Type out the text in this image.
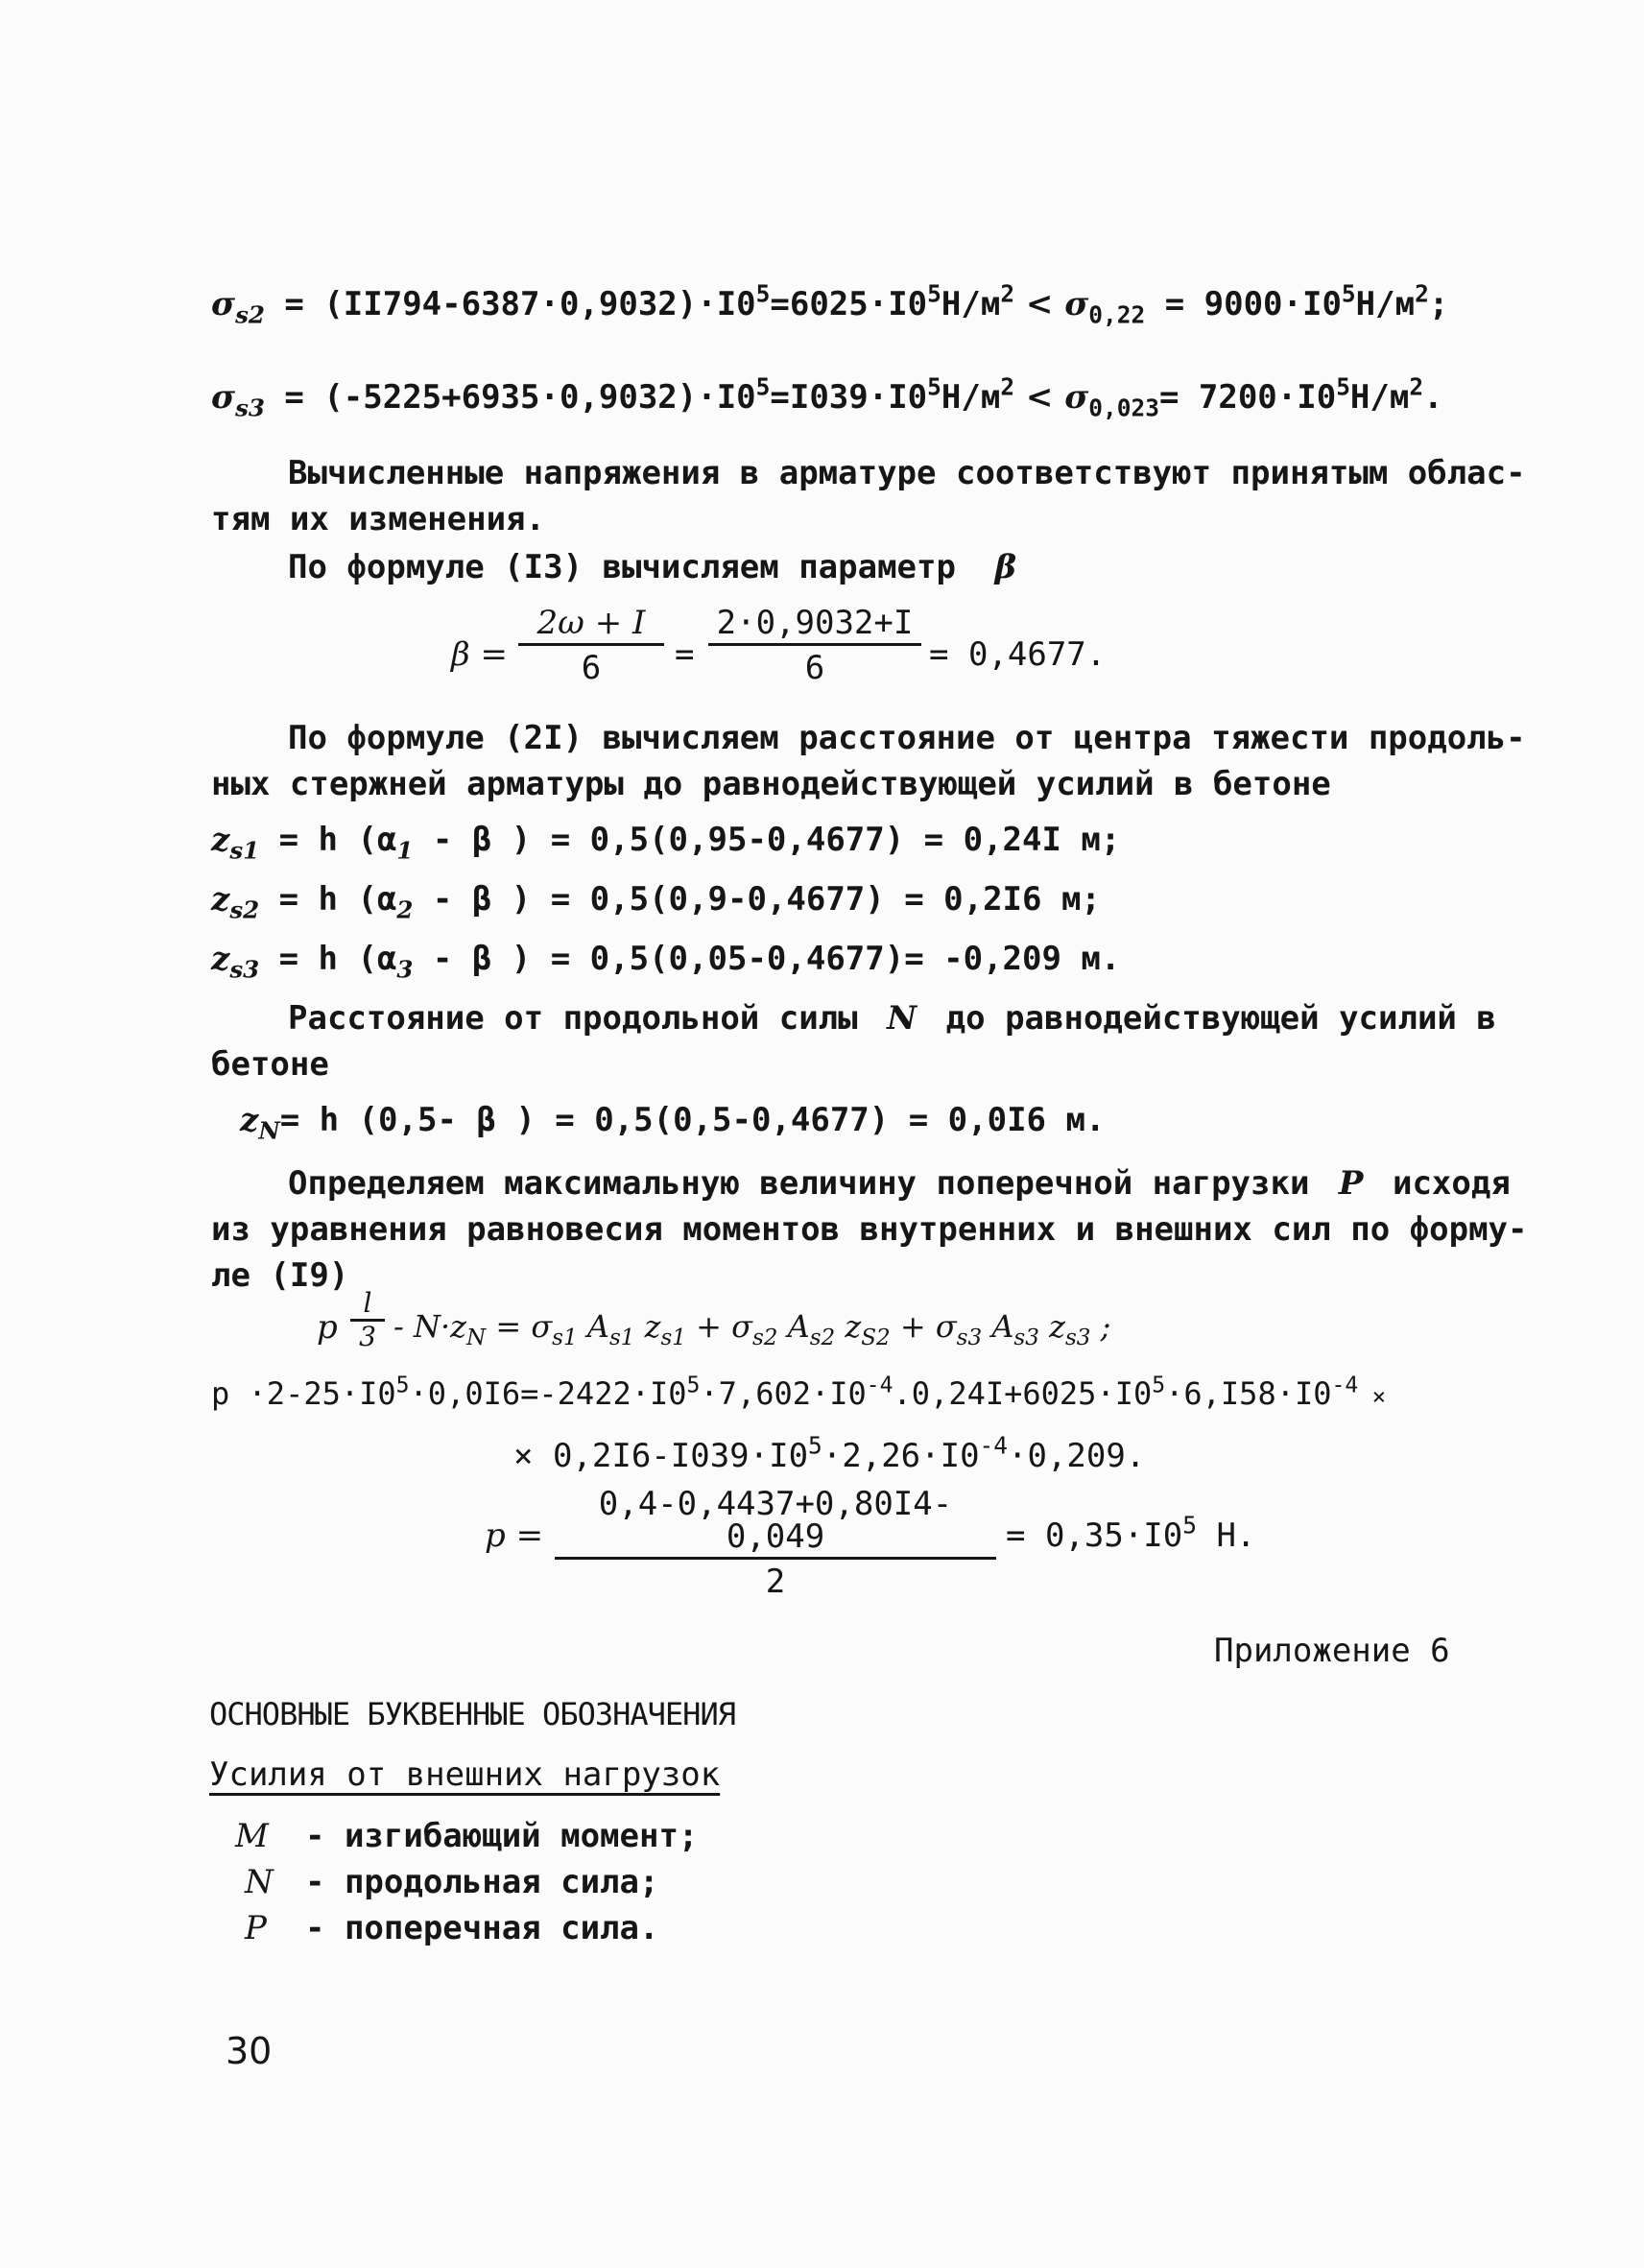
$\sigma_{s2} = (II794-6387\cdot 0,9032)\cdot I0^5=6025\cdot I0^5Н/м^2 < \sigma_{0,22} = 9000\cdot I0^5Н/м^2$;
$\sigma_{s3} = (-5225+6935\cdot 0,9032)\cdot I0^5=I039\cdot I0^5Н/м^2 < \sigma_{0,023}= 7200\cdot I0^5Н/м^2$.
Вычисленные напряжения в арматуре соответствуют принятым облас-
тям их изменения.
По формуле (I3) вычисляем параметр β
$\beta = \frac{2\omega + I}{6} = \frac{2\cdot 0,9032+I}{6} = 0,4677$.
По формуле (2I) вычисляем расстояние от центра тяжести продоль-
ных стержней арматуры до равнодействующей усилий в бетоне
$z_{s1} = h$ ($\alpha_1$ - β ) = 0,5(0,95-0,4677) = 0,24I м;
$z_{s2} = h$ ($\alpha_2$ - β ) = 0,5(0,9-0,4677) = 0,2I6 м;
$z_{s3} = h$ ($\alpha_3$ - β ) = 0,5(0,05-0,4677)= -0,209 м.
Расстояние от продольной силы N до равнодействующей усилий в
бетоне
$z_N= h$ (0,5- β ) = 0,5(0,5-0,4677) = 0,0I6 м.
Определяем максимальную величину поперечной нагрузки P исходя
из уравнения равновесия моментов внутренних и внешних сил по форму-
ле (I9)
p $\frac{l}{3} - N\cdot z_N = \sigma_{s1}$ $A_{s1}$ $z_{s1} + \sigma_{s2}$ $A_{s2}$ $z_{S2} + \sigma_{s3}$ $A_{s3}$ $z_{s3}$ ;
$p \cdot 2-25\cdot I0^5\cdot 0,0I6=-2422\cdot I0^5\cdot 7,602\cdot I0^{-4}.0,24I+6025\cdot I0^5\cdot 6,I58\cdot I0^{-4}$ ×
× $0,2I6-I039\cdot I0^5\cdot 2,26\cdot I0^{-4}\cdot 0,209$.
$p = \frac{0,4-0,4437+0,80I4-0,049}{2} = 0,35\cdot I0^5$ Н.
Приложение 6
ОСНОВНЫЕ БУКВЕННЫЕ ОБОЗНАЧЕНИЯ
Усилия от внешних нагрузок
M - изгибающий момент;
N - продольная сила;
P - поперечная сила.
30
